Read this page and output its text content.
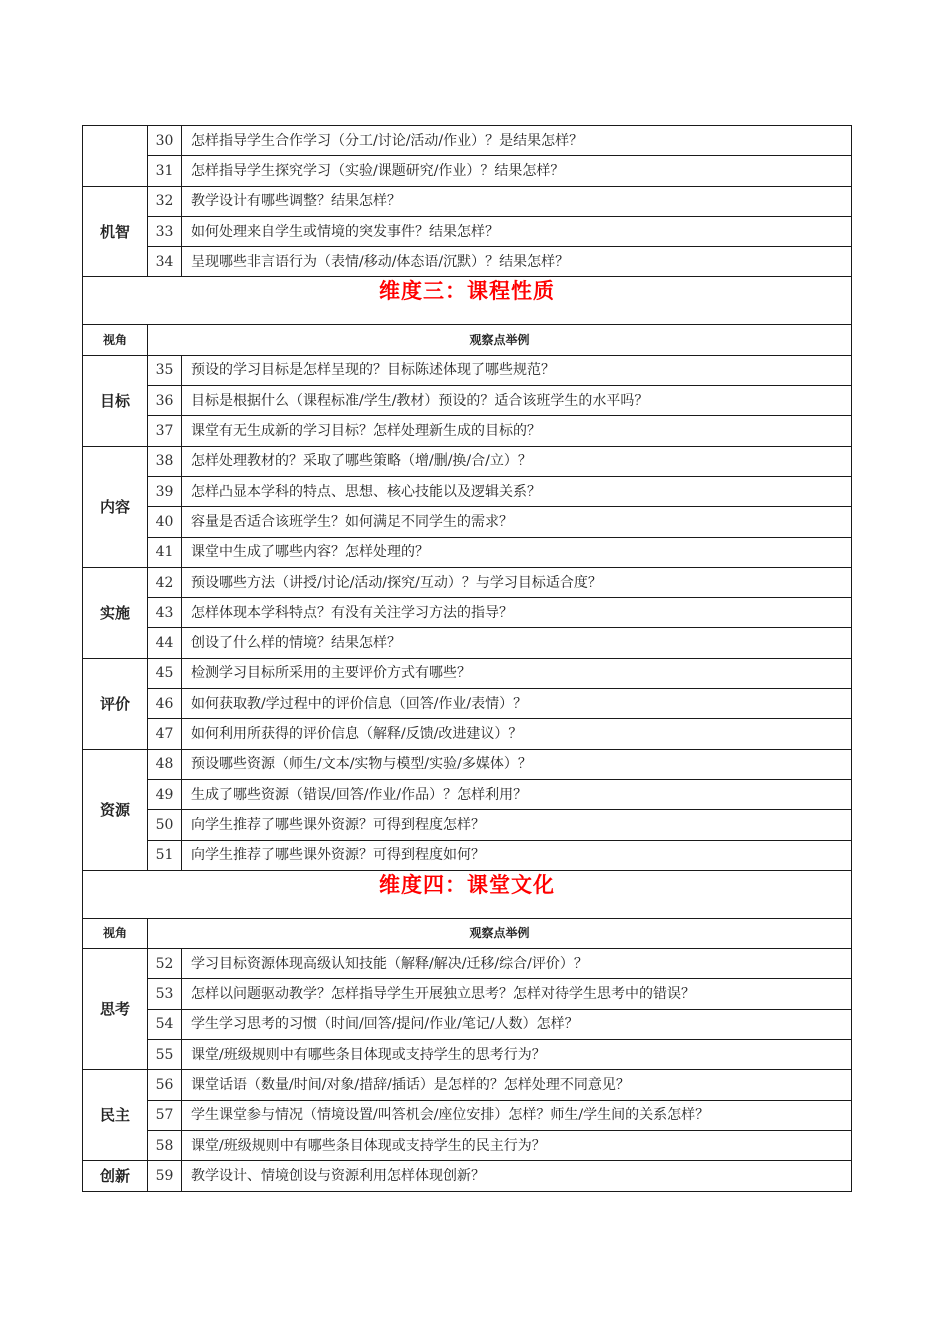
	30	怎样指导学生合作学习（分工/讨论/活动/作业）？是结果怎样？
	31	怎样指导学生探究学习（实验/课题研究/作业）？结果怎样？
机智	32	教学设计有哪些调整？结果怎样？
	33	如何处理来自学生或情境的突发事件？结果怎样？
	34	呈现哪些非言语行为（表情/移动/体态语/沉默）？结果怎样？
维度三：课程性质		
视角	观察点举例	
目标	35	预设的学习目标是怎样呈现的？目标陈述体现了哪些规范？
	36	目标是根据什么（课程标准/学生/教材）预设的？适合该班学生的水平吗？
	37	课堂有无生成新的学习目标？怎样处理新生成的目标的？
内容	38	怎样处理教材的？采取了哪些策略（增/删/换/合/立）？
	39	怎样凸显本学科的特点、思想、核心技能以及逻辑关系？
	40	容量是否适合该班学生？如何满足不同学生的需求？
	41	课堂中生成了哪些内容？怎样处理的？
实施	42	预设哪些方法（讲授/讨论/活动/探究/互动）？与学习目标适合度？
	43	怎样体现本学科特点？有没有关注学习方法的指导？
	44	创设了什么样的情境？结果怎样？
评价	45	检测学习目标所采用的主要评价方式有哪些？
	46	如何获取教/学过程中的评价信息（回答/作业/表情）？
	47	如何利用所获得的评价信息（解释/反馈/改进建议）？
资源	48	预设哪些资源（师生/文本/实物与模型/实验/多媒体）？
	49	生成了哪些资源（错误/回答/作业/作品）？怎样利用？
	50	向学生推荐了哪些课外资源？可得到程度怎样？
	51	向学生推荐了哪些课外资源？可得到程度如何？
维度四：课堂文化		
视角	观察点举例	
思考	52	学习目标资源体现高级认知技能（解释/解决/迁移/综合/评价）？
	53	怎样以问题驱动教学？怎样指导学生开展独立思考？怎样对待学生思考中的错误？
	54	学生学习思考的习惯（时间/回答/提问/作业/笔记/人数）怎样？
	55	课堂/班级规则中有哪些条目体现或支持学生的思考行为？
民主	56	课堂话语（数量/时间/对象/措辞/插话）是怎样的？怎样处理不同意见？
	57	学生课堂参与情况（情境设置/叫答机会/座位安排）怎样？师生/学生间的关系怎样？
	58	课堂/班级规则中有哪些条目体现或支持学生的民主行为？
创新	59	教学设计、情境创设与资源利用怎样体现创新？
